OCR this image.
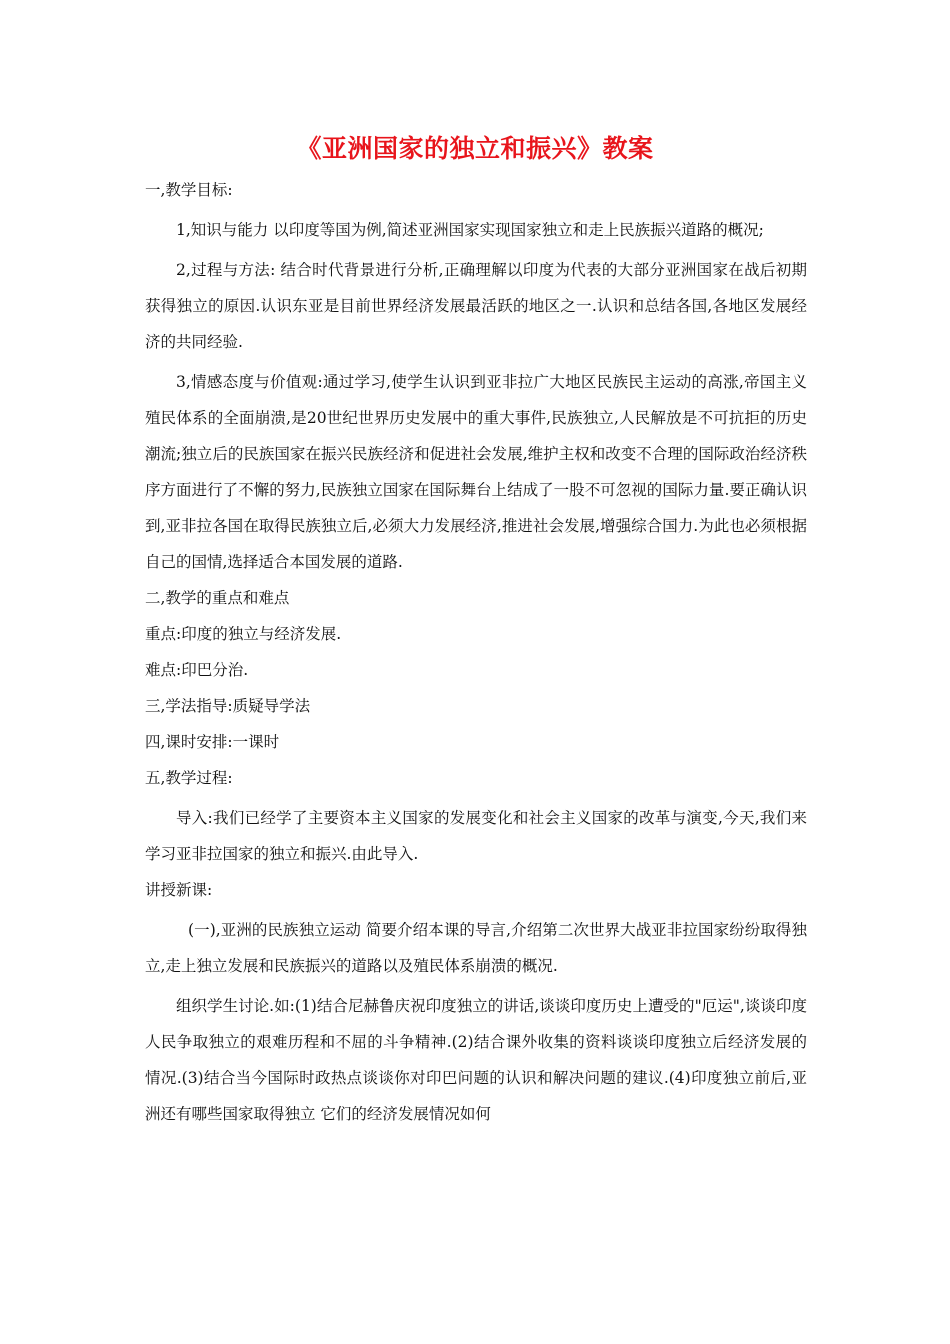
《亚洲国家的独立和振兴》教案

一,教学目标:

1,知识与能力 以印度等国为例,简述亚洲国家实现国家独立和走上民族振兴道路的概况;

2,过程与方法: 结合时代背景进行分析,正确理解以印度为代表的大部分亚洲国家在战后初期获得独立的原因.认识东亚是目前世界经济发展最活跃的地区之一.认识和总结各国,各地区发展经济的共同经验.

3,情感态度与价值观:通过学习,使学生认识到亚非拉广大地区民族民主运动的高涨,帝国主义殖民体系的全面崩溃,是20世纪世界历史发展中的重大事件,民族独立,人民解放是不可抗拒的历史潮流;独立后的民族国家在振兴民族经济和促进社会发展,维护主权和改变不合理的国际政治经济秩序方面进行了不懈的努力,民族独立国家在国际舞台上结成了一股不可忽视的国际力量.要正确认识到,亚非拉各国在取得民族独立后,必须大力发展经济,推进社会发展,增强综合国力.为此也必须根据自己的国情,选择适合本国发展的道路.

二,教学的重点和难点

重点:印度的独立与经济发展.

难点:印巴分治.

三,学法指导:质疑导学法

四,课时安排:一课时

五,教学过程:

导入:我们已经学了主要资本主义国家的发展变化和社会主义国家的改革与演变,今天,我们来学习亚非拉国家的独立和振兴.由此导入.

讲授新课:

(一),亚洲的民族独立运动 简要介绍本课的导言,介绍第二次世界大战亚非拉国家纷纷取得独立,走上独立发展和民族振兴的道路以及殖民体系崩溃的概况.

组织学生讨论.如:(1)结合尼赫鲁庆祝印度独立的讲话,谈谈印度历史上遭受的"厄运",谈谈印度人民争取独立的艰难历程和不屈的斗争精神.(2)结合课外收集的资料谈谈印度独立后经济发展的情况.(3)结合当今国际时政热点谈谈你对印巴问题的认识和解决问题的建议.(4)印度独立前后,亚洲还有哪些国家取得独立 它们的经济发展情况如何
